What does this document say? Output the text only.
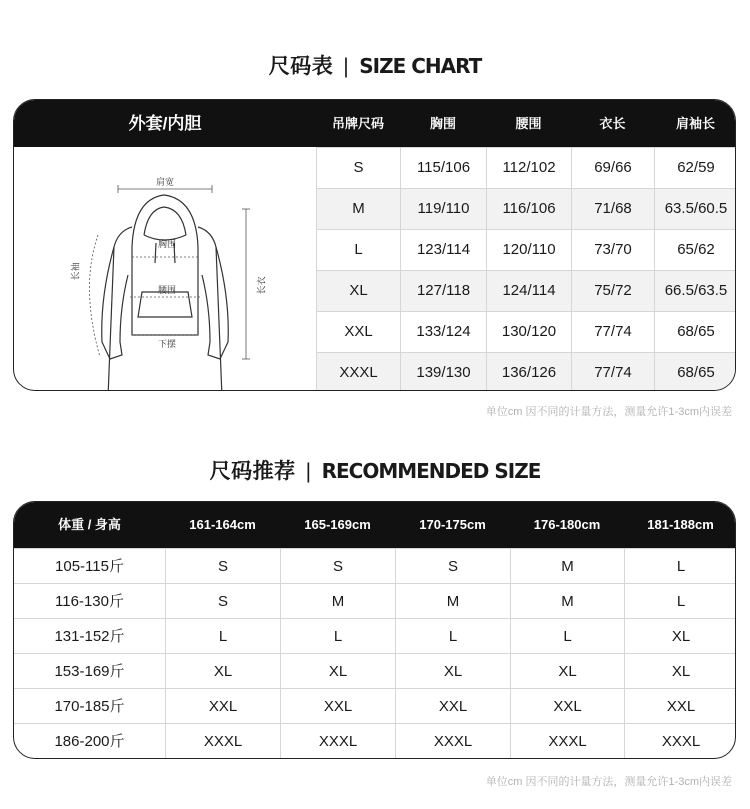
尺码表 | SIZE CHART
外套/内胆	吊牌尺码	胸围	腰围	衣长	肩袖长
肩宽
胸围
腰围
下摆
长袖
长衣
S	115/106	112/102	69/66	62/59
M	119/110	116/106	71/68	63.5/60.5
L	123/114	120/110	73/70	65/62
XL	127/118	124/114	75/72	66.5/63.5
XXL	133/124	130/120	77/74	68/65
XXXL	139/130	136/126	77/74	68/65
单位cm 因不同的计量方法，测量允许1-3cm内误差
尺码推荐 | RECOMMENDED SIZE
体重 / 身高	161-164cm	165-169cm	170-175cm	176-180cm	181-188cm
105-115斤	S	S	S	M	L
116-130斤	S	M	M	M	L
131-152斤	L	L	L	L	XL
153-169斤	XL	XL	XL	XL	XL
170-185斤	XXL	XXL	XXL	XXL	XXL
186-200斤	XXXL	XXXL	XXXL	XXXL	XXXL
单位cm 因不同的计量方法，测量允许1-3cm内误差
